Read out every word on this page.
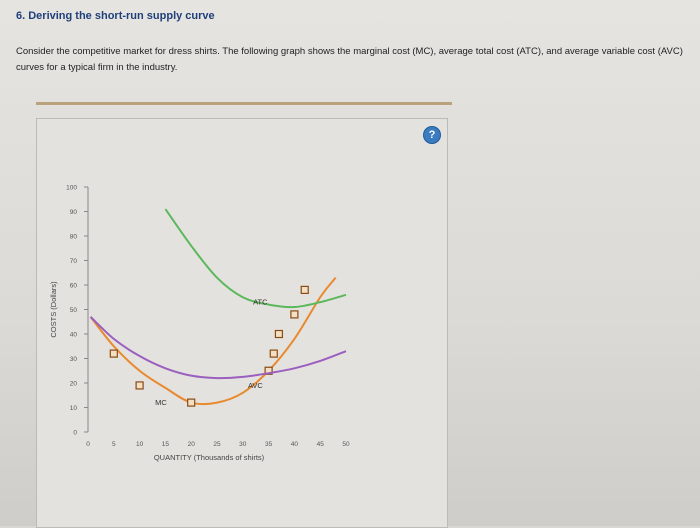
6. Deriving the short-run supply curve
Consider the competitive market for dress shirts. The following graph shows the marginal cost (MC), average total cost (ATC), and average variable cost (AVC) curves for a typical firm in the industry.
?
0
10
20
30
40
50
60
70
80
90
100
0	5	10	15	20	25	30	35	40	45	50
QUANTITY (Thousands of shirts)
COSTS (Dollars)	ATC
AVC
MC
